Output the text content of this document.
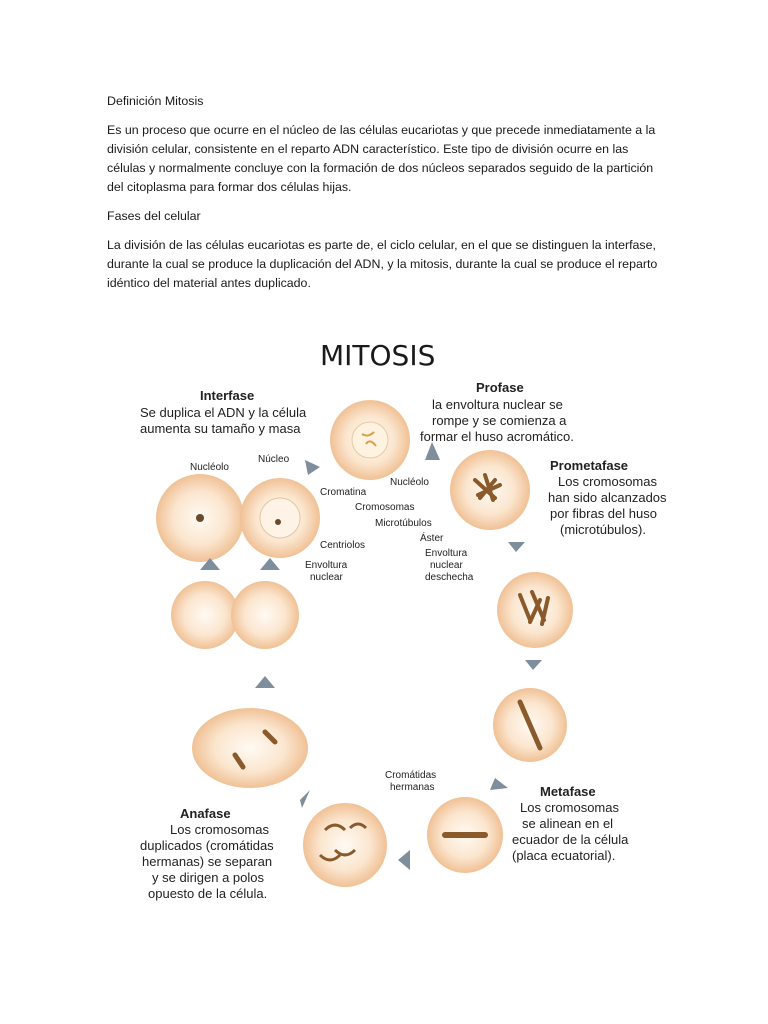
Definición Mitosis

Es un proceso que ocurre en el núcleo de las células eucariotas y que precede inmediatamente a la división celular, consistente en el reparto ADN característico. Este tipo de división ocurre en las células y normalmente concluye con la formación de dos núcleos separados seguido de la partición del citoplasma para formar dos células hijas.

Fases del celular

La división de las células eucariotas es parte de, el ciclo celular, en el que se distinguen la interfase, durante la cual se produce la duplicación del ADN, y la mitosis, durante la cual se produce el reparto idéntico del material antes duplicado.

MITOSIS
Interfase
Se duplica el ADN y la célula
aumenta su tamaño y masa
Profase
la envoltura nuclear se
rompe y se comienza a
formar el huso acromático.
Prometafase
Los cromosomas
han sido alcanzados
por fibras del huso
(microtúbulos).
Metafase
Los cromosomas
se alinean en el
ecuador de la célula
(placa ecuatorial).
Anafase
Los cromosomas
duplicados (cromátidas
hermanas) se separan
y se dirigen a polos
opuesto de la célula.
Nucléolo
Núcleo
Cromatina
Nucléolo
Centriolos
Envoltura
nuclear
Cromosomas
Microtúbulos
Áster
Envoltura
nuclear
deschecha
Cromátidas
hermanas
